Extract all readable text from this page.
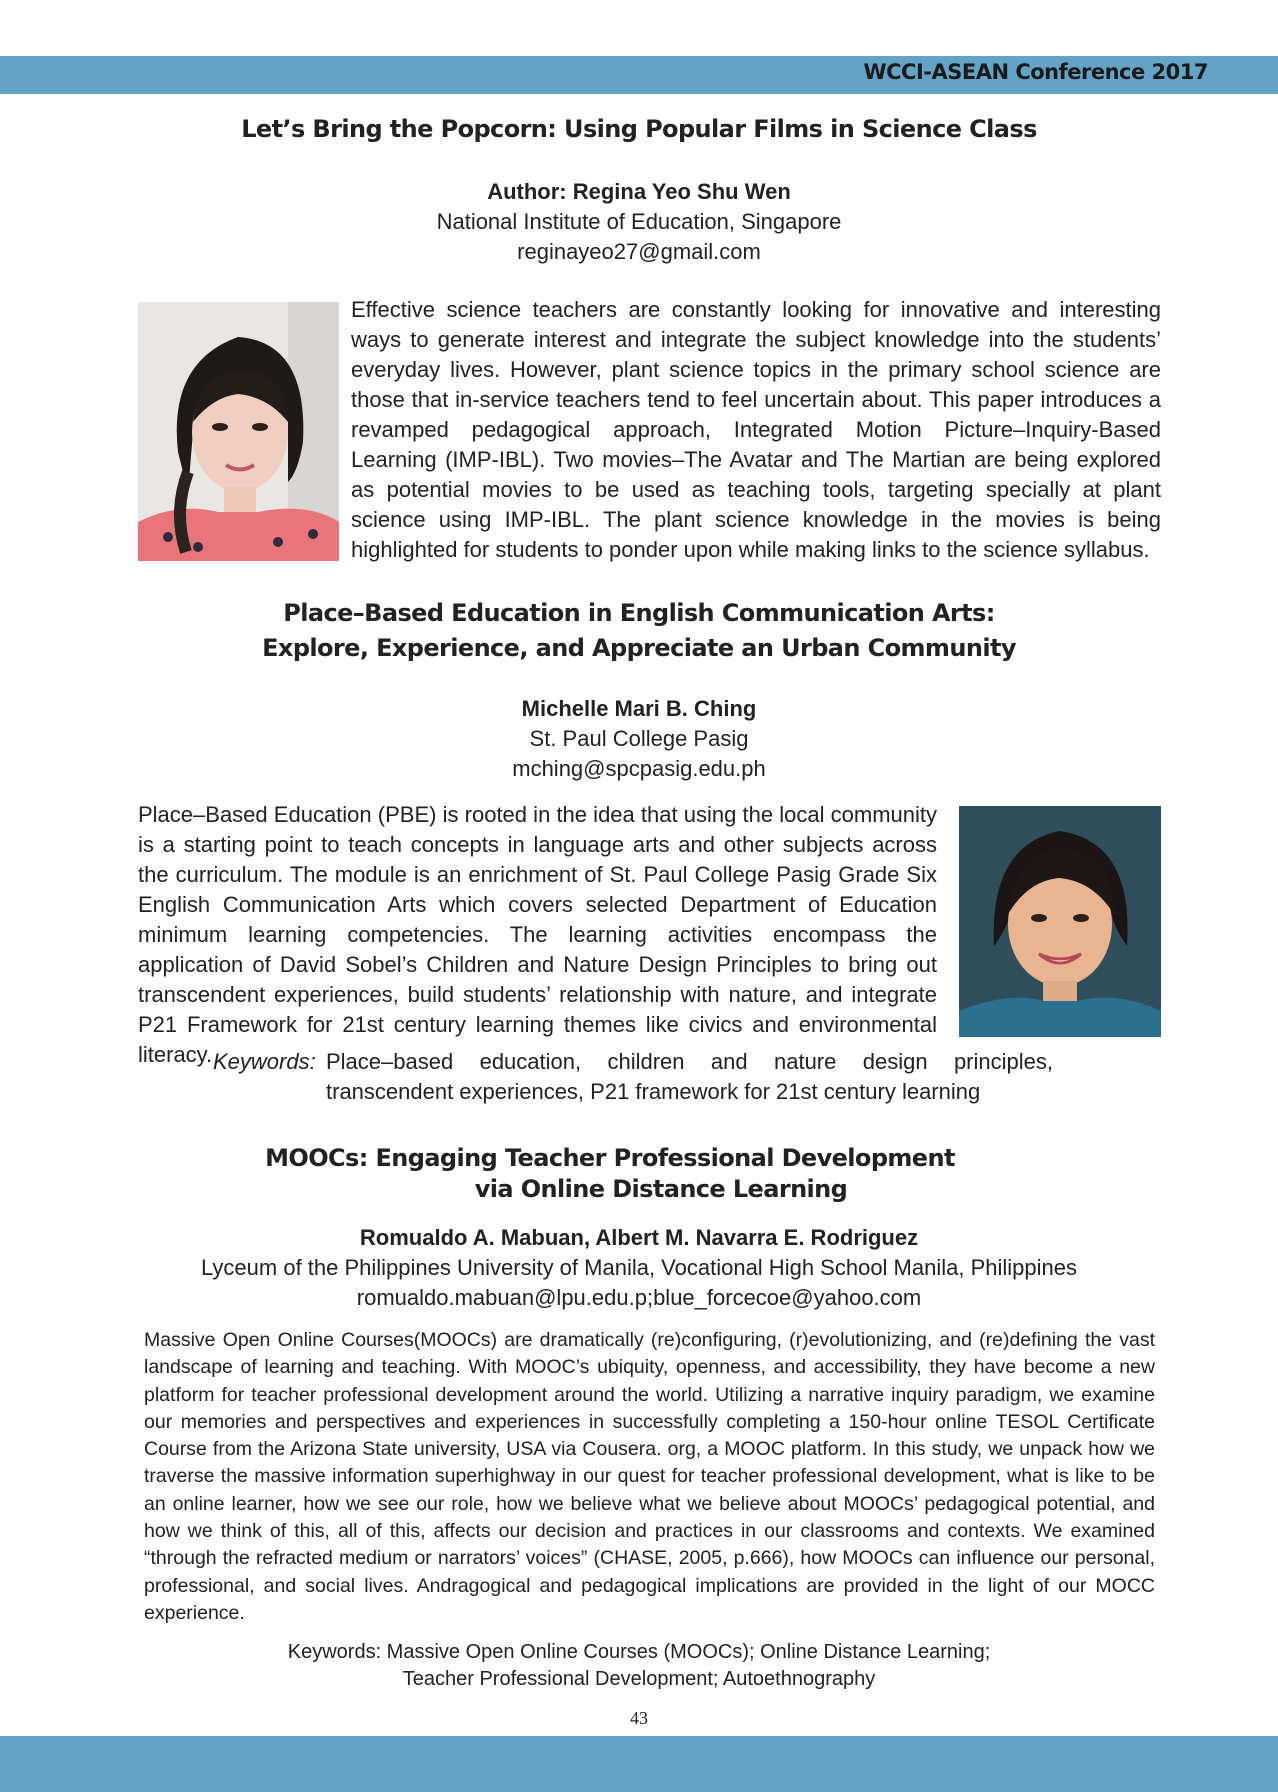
WCCI-ASEAN Conference 2017
Let’s Bring the Popcorn: Using Popular Films in Science Class
Author: Regina Yeo Shu Wen
National Institute of Education, Singapore
reginayeo27@gmail.com

Effective science teachers are constantly looking for innovative and interesting ways to generate interest and integrate the subject knowledge into the students’ everyday lives. However, plant science topics in the primary school science are those that in-service teachers tend to feel uncertain about. This paper introduces a revamped pedagogical approach, Integrated Motion Picture–Inquiry-Based Learning (IMP-IBL). Two movies–The Avatar and The Martian are being explored as potential movies to be used as teaching tools, targeting specially at plant science using IMP-IBL. The plant science knowledge in the movies is being highlighted for students to ponder upon while making links to the science syllabus.

Place–Based Education in English Communication Arts:
Explore, Experience, and Appreciate an Urban Community
Michelle Mari B. Ching
St. Paul College Pasig
mching@spcpasig.edu.ph

Place–Based Education (PBE) is rooted in the idea that using the local community is a starting point to teach concepts in language arts and other subjects across the curriculum. The module is an enrichment of St. Paul College Pasig Grade Six English Communication Arts which covers selected Department of Education minimum learning competencies. The learning activities encompass the application of David Sobel’s Children and Nature Design Principles to bring out transcendent experiences, build students’ relationship with nature, and integrate P21 Framework for 21st century learning themes like civics and environmental literacy. Keywords: Place–based education, children and nature design principles, transcendent experiences, P21 framework for 21st century learning
MOOCs: Engaging Teacher Professional Development
via Online Distance Learning
Romualdo A. Mabuan, Albert M. Navarra E. Rodriguez
Lyceum of the Philippines University of Manila, Vocational High School Manila, Philippines
romualdo.mabuan@lpu.edu.p;blue_forcecoe@yahoo.com

Massive Open Online Courses(MOOCs) are dramatically (re)configuring, (r)evolutionizing, and (re)defining the vast landscape of learning and teaching. With MOOC’s ubiquity, openness, and accessibility, they have become a new platform for teacher professional development around the world. Utilizing a narrative inquiry paradigm, we examine our memories and perspectives and experiences in successfully completing a 150-hour online TESOL Certificate Course from the Arizona State university, USA via Cousera. org, a MOOC platform. In this study, we unpack how we traverse the massive information superhighway in our quest for teacher professional development, what is like to be an online learner, how we see our role, how we believe what we believe about MOOCs’ pedagogical potential, and how we think of this, all of this, affects our decision and practices in our classrooms and contexts. We examined “through the refracted medium or narrators’ voices” (CHASE, 2005, p.666), how MOOCs can influence our personal, professional, and social lives. Andragogical and pedagogical implications are provided in the light of our MOCC experience.

Keywords: Massive Open Online Courses (MOOCs); Online Distance Learning;
Teacher Professional Development; Autoethnography
43
